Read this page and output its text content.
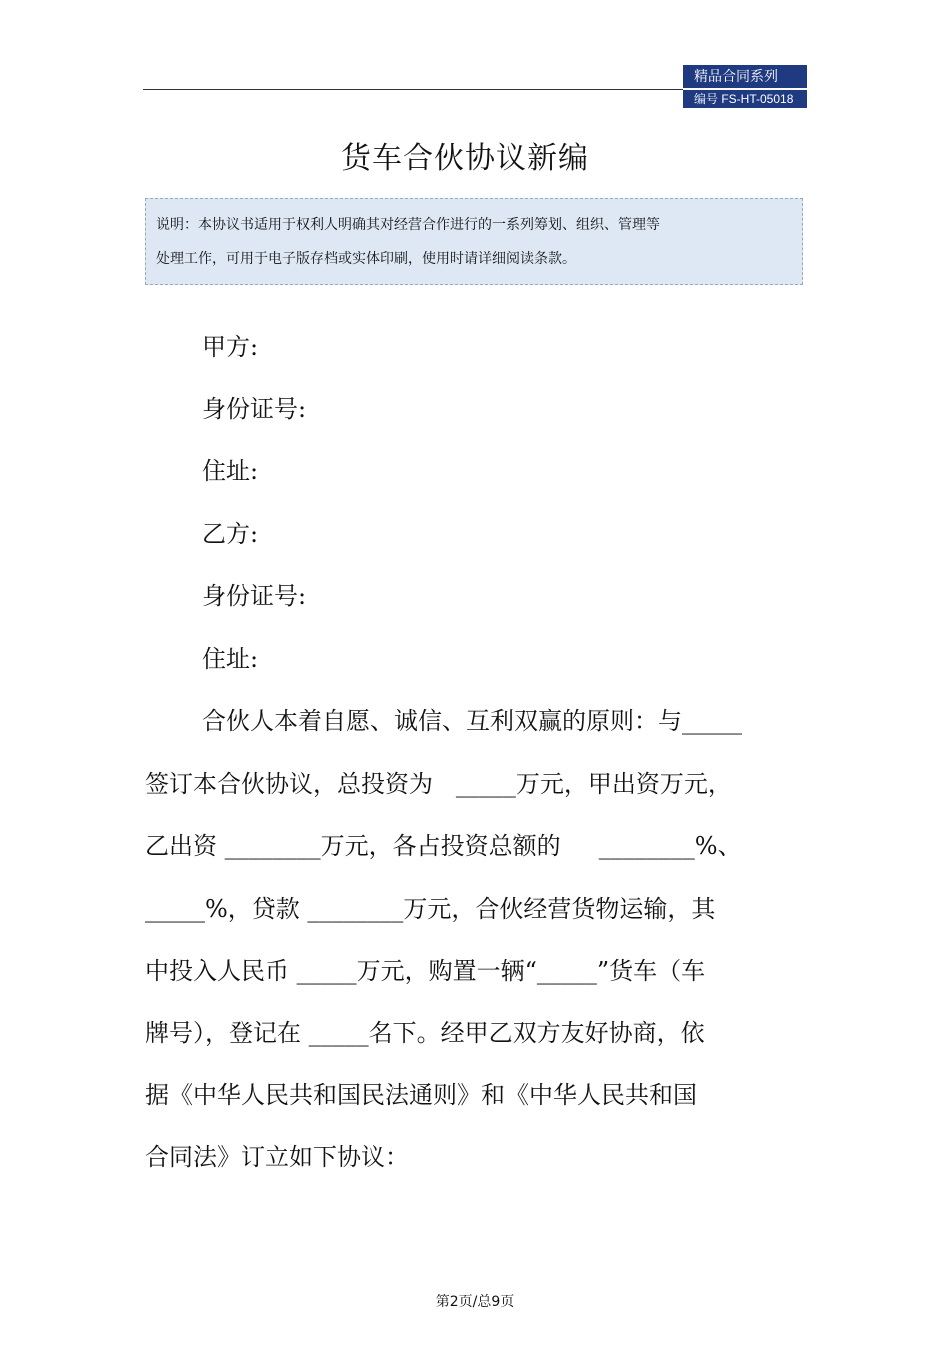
精品合同系列
编号 FS-HT-05018
货车合伙协议新编

说明：本协议书适用于权利人明确其对经营合作进行的一系列筹划、组织、管理等

处理工作，可用于电子版存档或实体印刷，使用时请详细阅读条款。

甲方:
身份证号:
住址:
乙方:
身份证号:
住址:
合伙人本着自愿、诚信、互利双赢的原则：与_____
签订本合伙协议，总投资为   _____万元，甲出资万元，
乙出资 ________万元，各占投资总额的     ________%、
_____%，贷款 ________万元，合伙经营货物运输，其
中投入人民币 _____万元，购置一辆“_____”货车（车
牌号），登记在 _____名下。经甲乙双方友好协商，依
据《中华人民共和国民法通则》和《中华人民共和国
合同法》订立如下协议：
第2页/总9页
